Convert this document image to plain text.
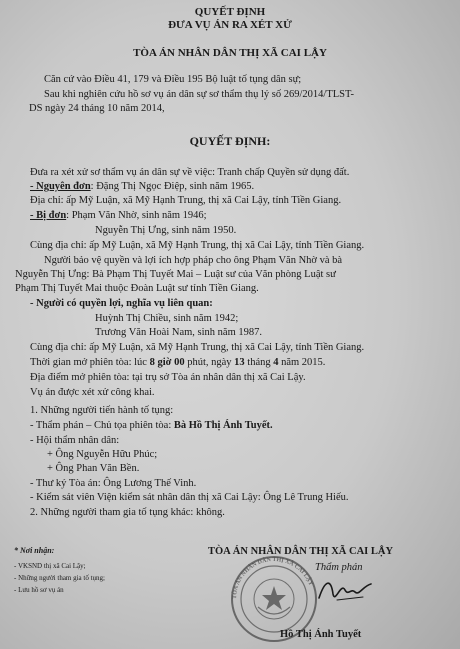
QUYẾT ĐỊNH
ĐƯA VỤ ÁN RA XÉT XỬ
TÒA ÁN NHÂN DÂN THỊ XÃ CAI LẬY
Căn cứ vào Điều 41, 179 và Điều 195 Bộ luật tố tụng dân sự;
Sau khi nghiên cứu hồ sơ vụ án dân sự sơ thẩm thụ lý số 269/2014/TLST-
DS ngày 24 tháng 10 năm 2014,
QUYẾT ĐỊNH:
Đưa ra xét xử sơ thẩm vụ án dân sự về việc: Tranh chấp Quyền sử dụng đất.
- Nguyên đơn: Đặng Thị Ngọc Điệp, sinh năm 1965.
Địa chỉ: ấp Mỹ Luận, xã Mỹ Hạnh Trung, thị xã Cai Lậy, tỉnh Tiền Giang.
- Bị đơn: Phạm Văn Nhờ, sinh năm 1946;
Nguyễn Thị Ưng, sinh năm 1950.
Cùng địa chỉ: ấp Mỹ Luận, xã Mỹ Hạnh Trung, thị xã Cai Lậy, tỉnh Tiền Giang.
Người bảo vệ quyền và lợi ích hợp pháp cho ông Phạm Văn Nhờ và bà
Nguyễn Thị Ưng: Bà Phạm Thị Tuyết Mai – Luật sư của Văn phòng Luật sư
Phạm Thị Tuyết Mai thuộc Đoàn Luật sư tỉnh Tiền Giang.
- Người có quyền lợi, nghĩa vụ liên quan:
Huỳnh Thị Chiều, sinh năm 1942;
Trương Văn Hoài Nam, sinh năm 1987.
Cùng địa chỉ: ấp Mỹ Luận, xã Mỹ Hạnh Trung, thị xã Cai Lậy, tỉnh Tiền Giang.
Thời gian mở phiên tòa: lúc 8 giờ 00 phút, ngày 13 tháng 4 năm 2015.
Địa điểm mở phiên tòa: tại trụ sở Tòa án nhân dân thị xã Cai Lậy.
Vụ án được xét xử công khai.
1. Những người tiến hành tố tụng:
- Thẩm phán – Chủ tọa phiên tòa: Bà Hồ Thị Ánh Tuyết.
- Hội thẩm nhân dân:
+ Ông Nguyễn Hữu Phúc;
+ Ông Phan Văn Bền.
- Thư ký Tòa án: Ông Lương Thế Vinh.
- Kiểm sát viên Viện kiểm sát nhân dân thị xã Cai Lậy: Ông Lê Trung Hiếu.
2. Những người tham gia tố tụng khác: không.
* Nơi nhận:
- VKSND thị xã Cai Lậy;
- Những người tham gia tố tụng;
- Lưu hồ sơ vụ án
TÒA ÁN NHÂN DÂN THỊ XÃ CAI LẬY
Thẩm phán
TÒA ÁN NHÂN DÂN THỊ XÃ CAI LẬY
Hồ Thị Ánh Tuyết
